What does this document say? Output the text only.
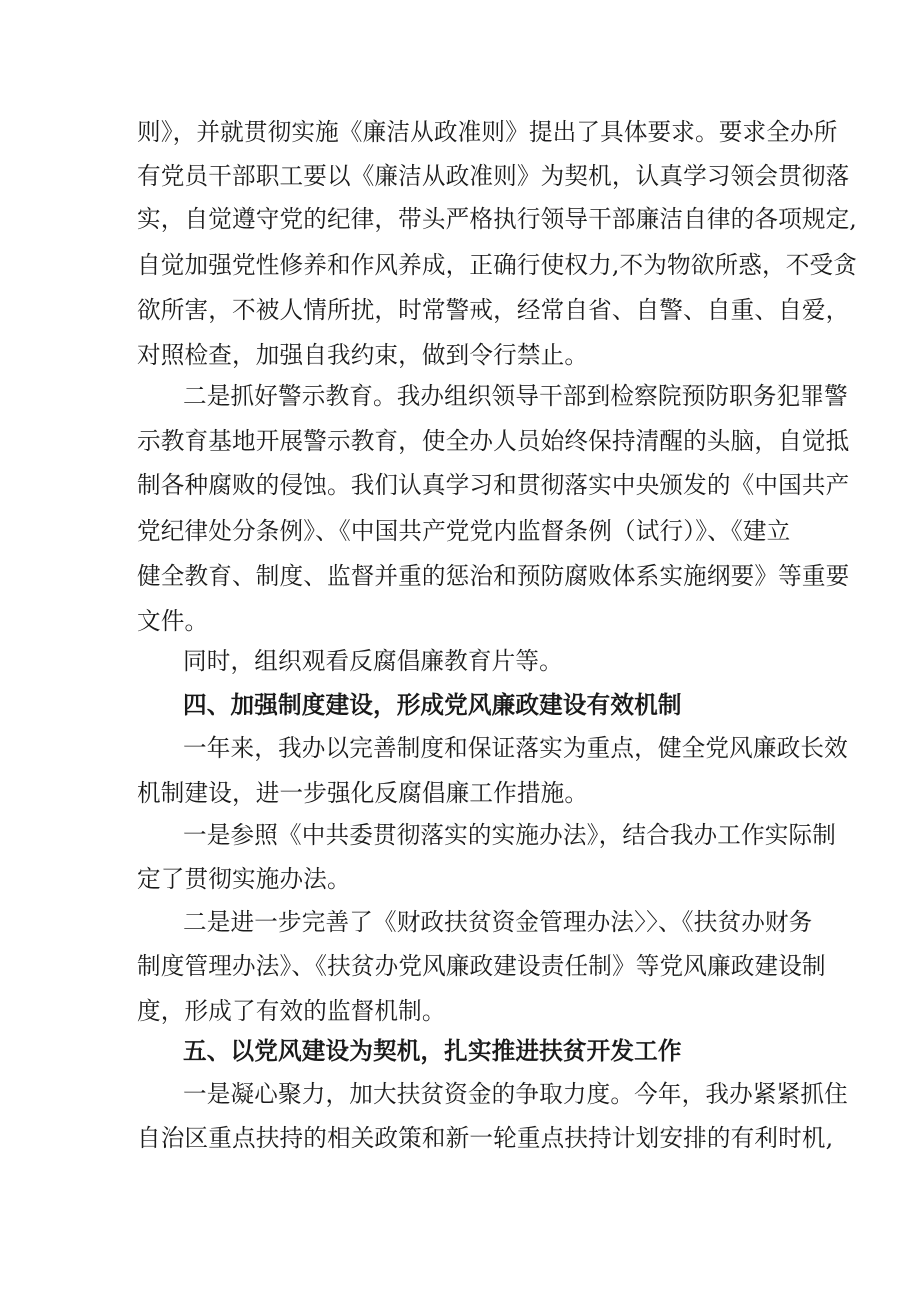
则》，并就贯彻实施《廉洁从政准则》提出了具体要求。要求全办所
有党员干部职工要以《廉洁从政准则》为契机，认真学习领会贯彻落
实，自觉遵守党的纪律，带头严格执行领导干部廉洁自律的各项规定,
自觉加强党性修养和作风养成，正确行使权力,不为物欲所惑，不受贪
欲所害，不被人情所扰，时常警戒，经常自省、自警、自重、自爱，
对照检查，加强自我约束，做到令行禁止。
二是抓好警示教育。我办组织领导干部到检察院预防职务犯罪警
示教育基地开展警示教育，使全办人员始终保持清醒的头脑，自觉抵
制各种腐败的侵蚀。我们认真学习和贯彻落实中央颁发的《中国共产
党纪律处分条例》、《中国共产党党内监督条例（试行）》、《建立
健全教育、制度、监督并重的惩治和预防腐败体系实施纲要》等重要
文件。
同时，组织观看反腐倡廉教育片等。
四、加强制度建设，形成党风廉政建设有效机制
一年来，我办以完善制度和保证落实为重点，健全党风廉政长效
机制建设，进一步强化反腐倡廉工作措施。
一是参照《中共委贯彻落实的实施办法》，结合我办工作实际制
定了贯彻实施办法。
二是进一步完善了《财政扶贫资金管理办法〉〉、《扶贫办财务
制度管理办法》、《扶贫办党风廉政建设责任制》等党风廉政建设制
度，形成了有效的监督机制。
五、以党风建设为契机，扎实推进扶贫开发工作
一是凝心聚力，加大扶贫资金的争取力度。今年，我办紧紧抓住
自治区重点扶持的相关政策和新一轮重点扶持计划安排的有利时机,
